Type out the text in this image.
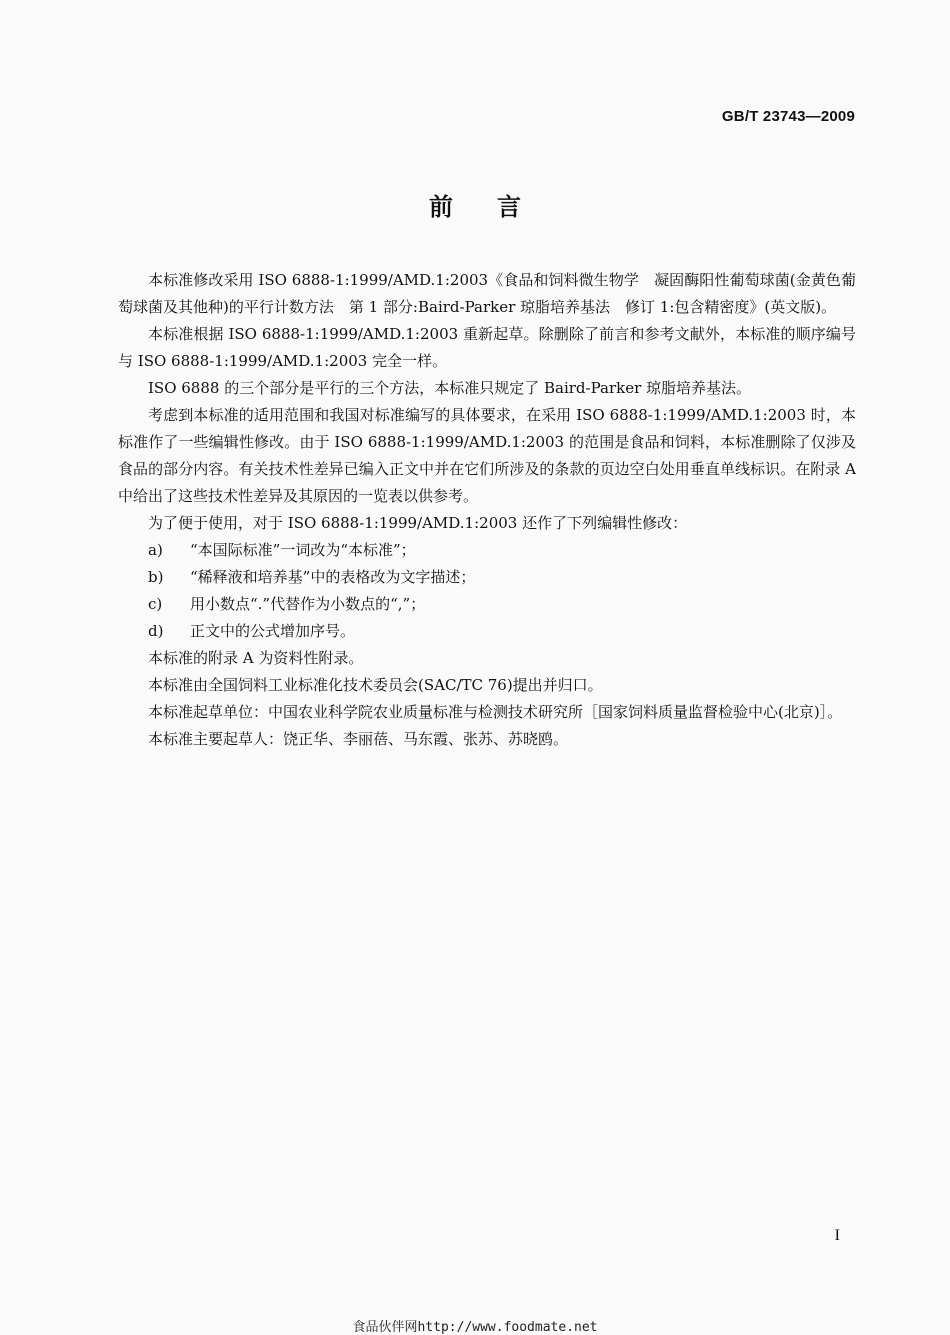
GB/T 23743—2009
前言

本标准修改采用 ISO 6888-1:1999/AMD.1:2003《食品和饲料微生物学　凝固酶阳性葡萄球菌(金黄色葡萄球菌及其他种)的平行计数方法　第 1 部分:Baird-Parker 琼脂培养基法　修订 1:包含精密度》(英文版)。

本标准根据 ISO 6888-1:1999/AMD.1:2003 重新起草。除删除了前言和参考文献外，本标准的顺序编号与 ISO 6888-1:1999/AMD.1:2003 完全一样。

ISO 6888 的三个部分是平行的三个方法，本标准只规定了 Baird-Parker 琼脂培养基法。

考虑到本标准的适用范围和我国对标准编写的具体要求，在采用 ISO 6888-1:1999/AMD.1:2003 时，本标准作了一些编辑性修改。由于 ISO 6888-1:1999/AMD.1:2003 的范围是食品和饲料，本标准删除了仅涉及食品的部分内容。有关技术性差异已编入正文中并在它们所涉及的条款的页边空白处用垂直单线标识。在附录 A 中给出了这些技术性差异及其原因的一览表以供参考。

为了便于使用，对于 ISO 6888-1:1999/AMD.1:2003 还作了下列编辑性修改：

a) “本国际标准”一词改为“本标准”；

b) “稀释液和培养基”中的表格改为文字描述；

c) 用小数点“.”代替作为小数点的“,”；

d) 正文中的公式增加序号。

本标准的附录 A 为资料性附录。

本标准由全国饲料工业标准化技术委员会(SAC/TC 76)提出并归口。

本标准起草单位：中国农业科学院农业质量标准与检测技术研究所［国家饲料质量监督检验中心(北京)］。

本标准主要起草人：饶正华、李丽蓓、马东霞、张苏、苏晓鸥。

I
食品伙伴网http://www.foodmate.net
